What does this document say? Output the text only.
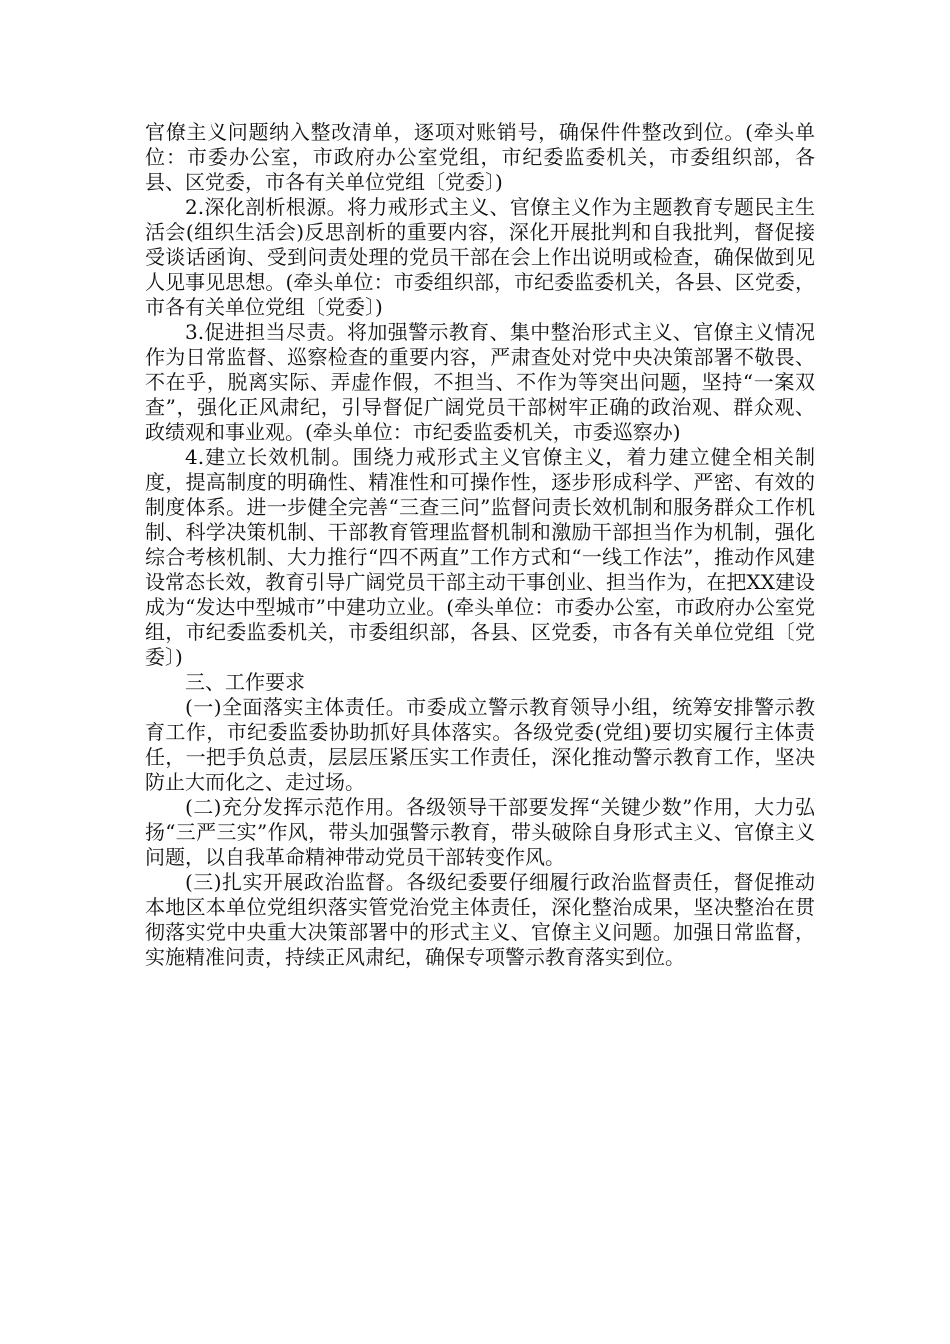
官僚主义问题纳入整改清单，逐项对账销号，确保件件整改到位。(牵头单位：市委办公室，市政府办公室党组，市纪委监委机关，市委组织部，各县、区党委，市各有关单位党组〔党委〕)

2.深化剖析根源。将力戒形式主义、官僚主义作为主题教育专题民主生活会(组织生活会)反思剖析的重要内容，深化开展批判和自我批判，督促接受谈话函询、受到问责处理的党员干部在会上作出说明或检查，确保做到见人见事见思想。(牵头单位：市委组织部，市纪委监委机关，各县、区党委，市各有关单位党组〔党委〕)

3.促进担当尽责。将加强警示教育、集中整治形式主义、官僚主义情况作为日常监督、巡察检查的重要内容，严肃查处对党中央决策部署不敬畏、不在乎，脱离实际、弄虚作假，不担当、不作为等突出问题，坚持“一案双查”，强化正风肃纪，引导督促广阔党员干部树牢正确的政治观、群众观、政绩观和事业观。(牵头单位：市纪委监委机关，市委巡察办)

4.建立长效机制。围绕力戒形式主义官僚主义，着力建立健全相关制度，提高制度的明确性、精准性和可操作性，逐步形成科学、严密、有效的制度体系。进一步健全完善“三查三问”监督问责长效机制和服务群众工作机制、科学决策机制、干部教育管理监督机制和激励干部担当作为机制，强化综合考核机制、大力推行“四不两直”工作方式和“一线工作法”，推动作风建设常态长效，教育引导广阔党员干部主动干事创业、担当作为，在把XX建设成为“发达中型城市”中建功立业。(牵头单位：市委办公室，市政府办公室党组，市纪委监委机关，市委组织部，各县、区党委，市各有关单位党组〔党委〕)

三、工作要求

(一)全面落实主体责任。市委成立警示教育领导小组，统筹安排警示教育工作，市纪委监委协助抓好具体落实。各级党委(党组)要切实履行主体责任，一把手负总责，层层压紧压实工作责任，深化推动警示教育工作，坚决防止大而化之、走过场。

(二)充分发挥示范作用。各级领导干部要发挥“关键少数”作用，大力弘扬“三严三实”作风，带头加强警示教育，带头破除自身形式主义、官僚主义问题，以自我革命精神带动党员干部转变作风。

(三)扎实开展政治监督。各级纪委要仔细履行政治监督责任，督促推动本地区本单位党组织落实管党治党主体责任，深化整治成果，坚决整治在贯彻落实党中央重大决策部署中的形式主义、官僚主义问题。加强日常监督，实施精准问责，持续正风肃纪，确保专项警示教育落实到位。
